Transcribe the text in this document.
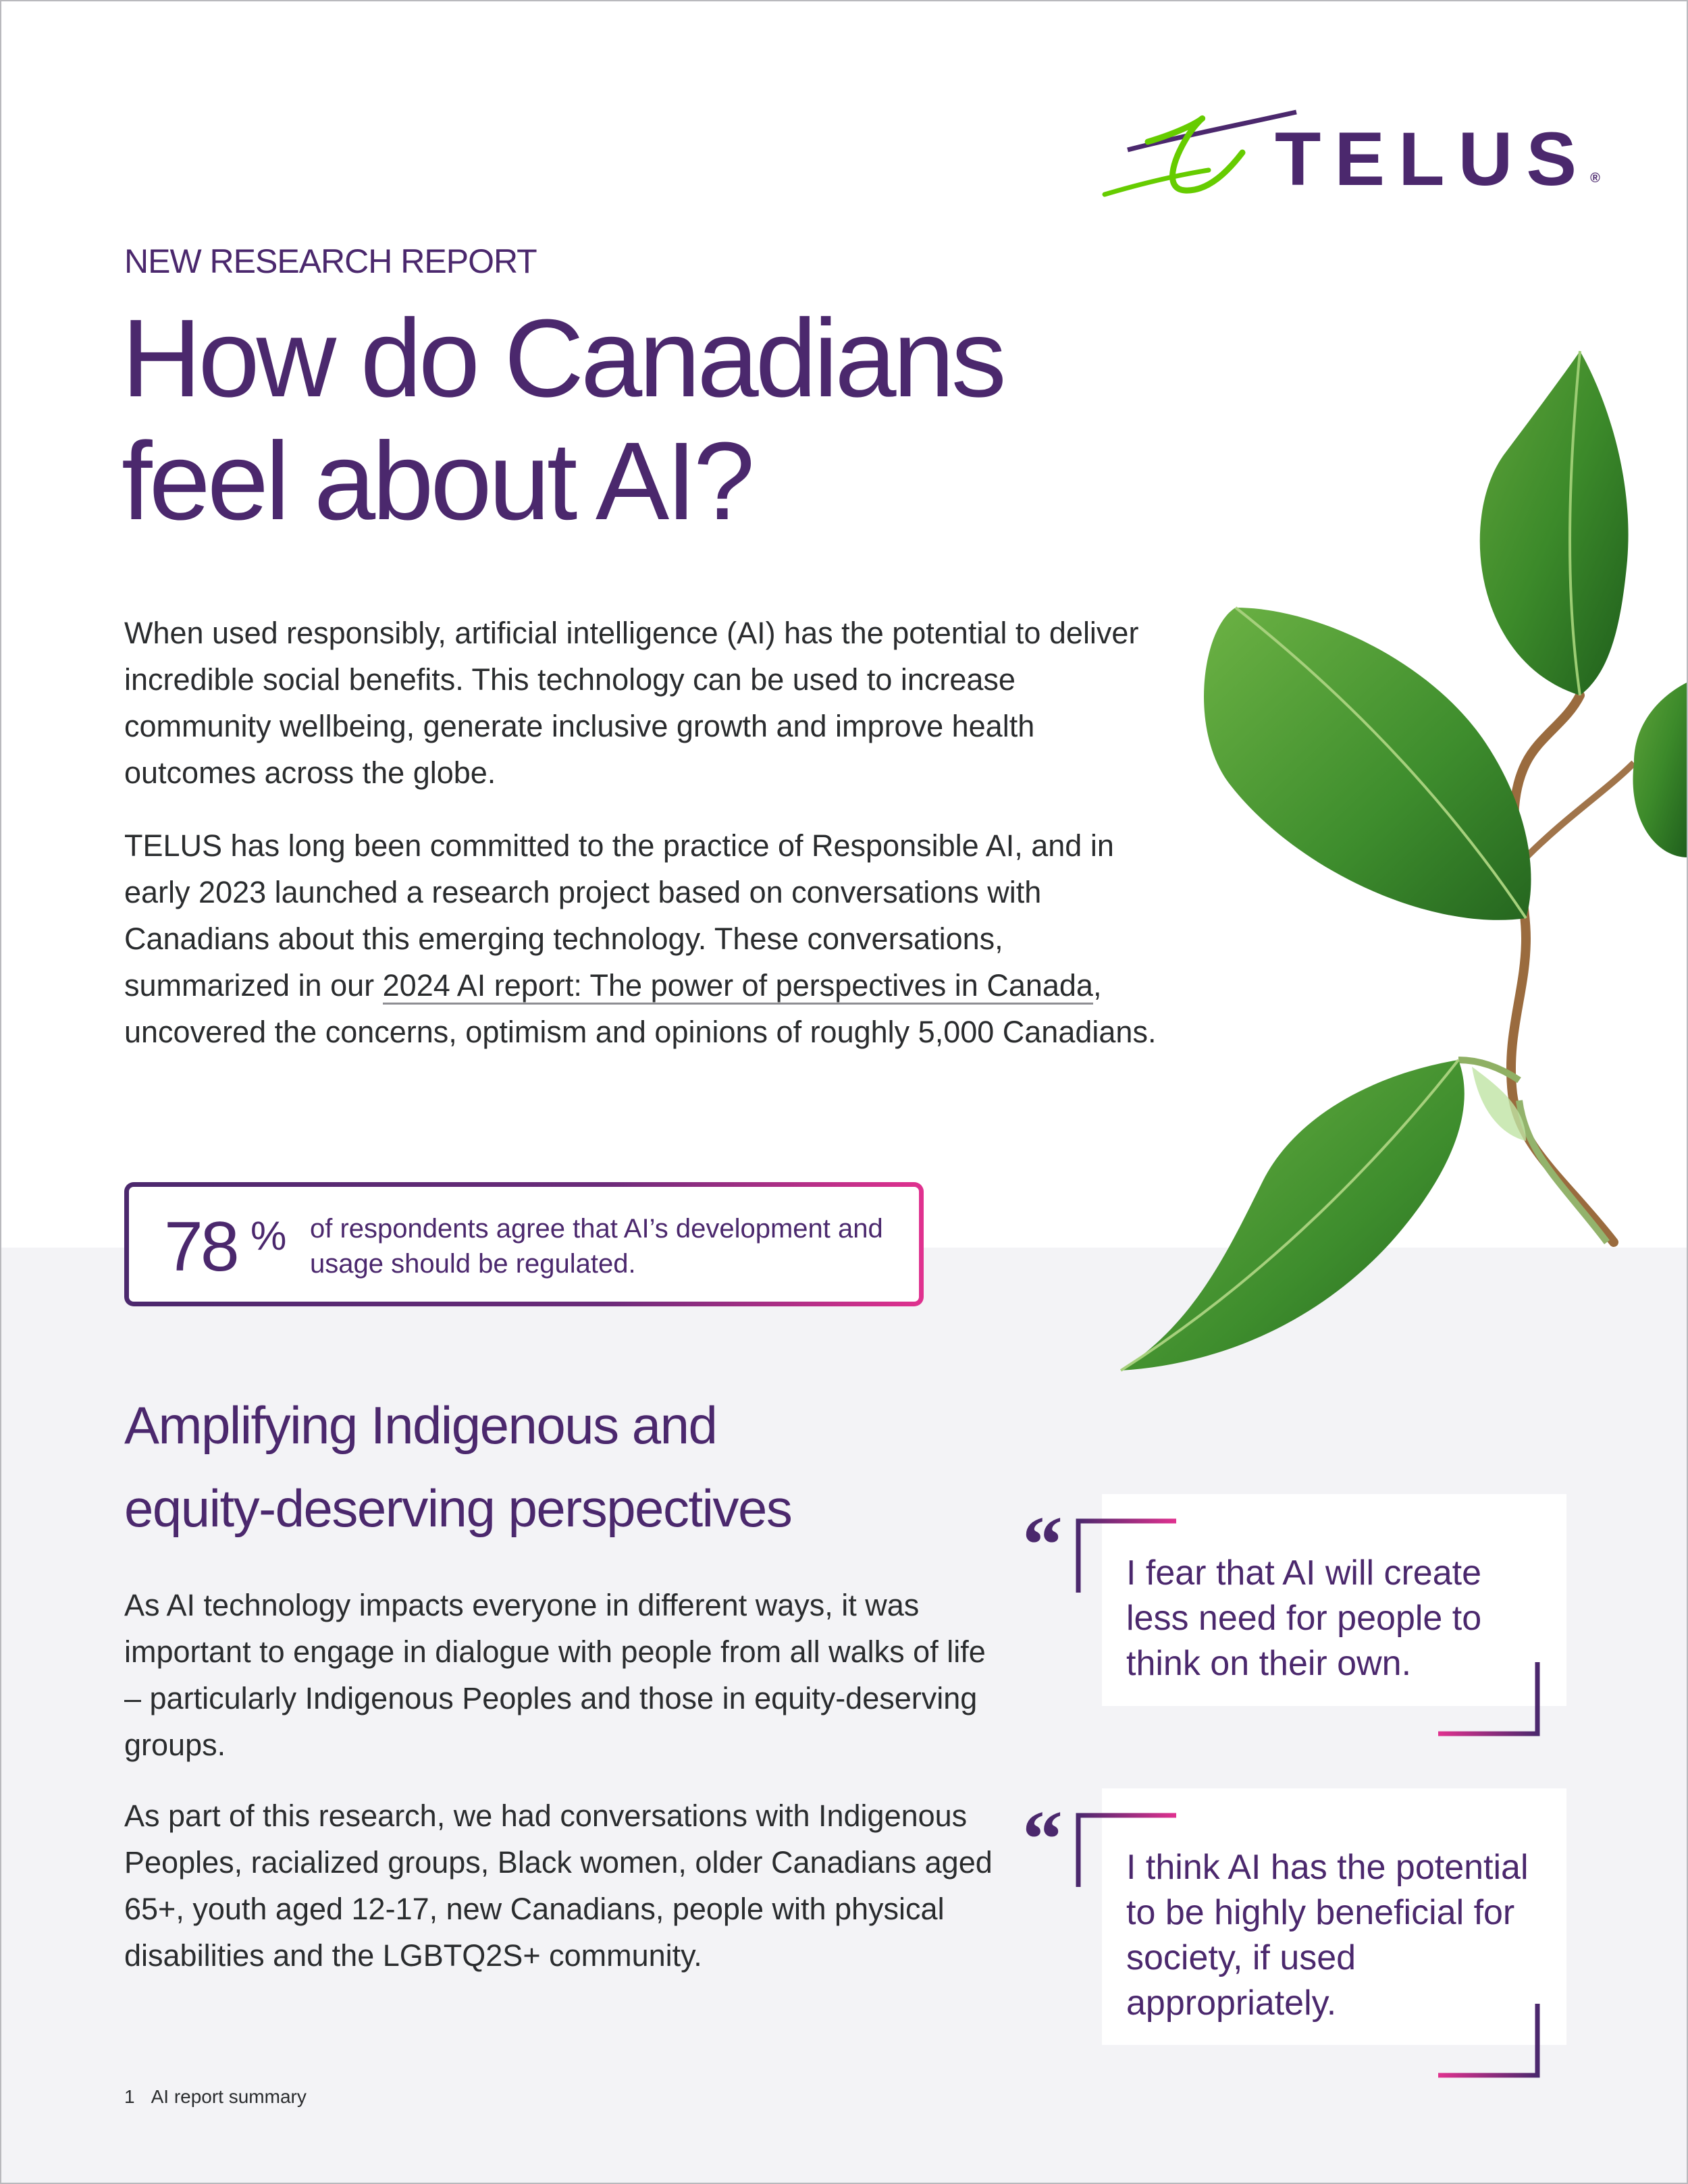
TELUS®
NEW RESEARCH REPORT
How do Canadians feel about AI?

When used responsibly, artificial intelligence (AI) has the potential to deliver incredible social benefits. This technology can be used to increase community wellbeing, generate inclusive growth and improve health outcomes across the globe.

TELUS has long been committed to the practice of Responsible AI, and in early 2023 launched a research project based on conversations with Canadians about this emerging technology. These conversations, summarized in our 2024 AI report: The power of perspectives in Canada, uncovered the concerns, optimism and opinions of roughly 5,000 Canadians.

78 % of respondents agree that AI’s development and usage should be regulated.
Amplifying Indigenous and
equity-deserving perspectives

As AI technology impacts everyone in different ways, it was important to engage in dialogue with people from all walks of life – particularly Indigenous Peoples and those in equity-deserving groups.

As part of this research, we had conversations with Indigenous Peoples, racialized groups, Black women, older Canadians aged 65+, youth aged 12-17, new Canadians, people with physical disabilities and the LGBTQ2S+ community.

“ I fear that AI will create less need for people to think on their own.

“ I think AI has the potential to be highly beneficial for society, if used appropriately.

1 AI report summary
